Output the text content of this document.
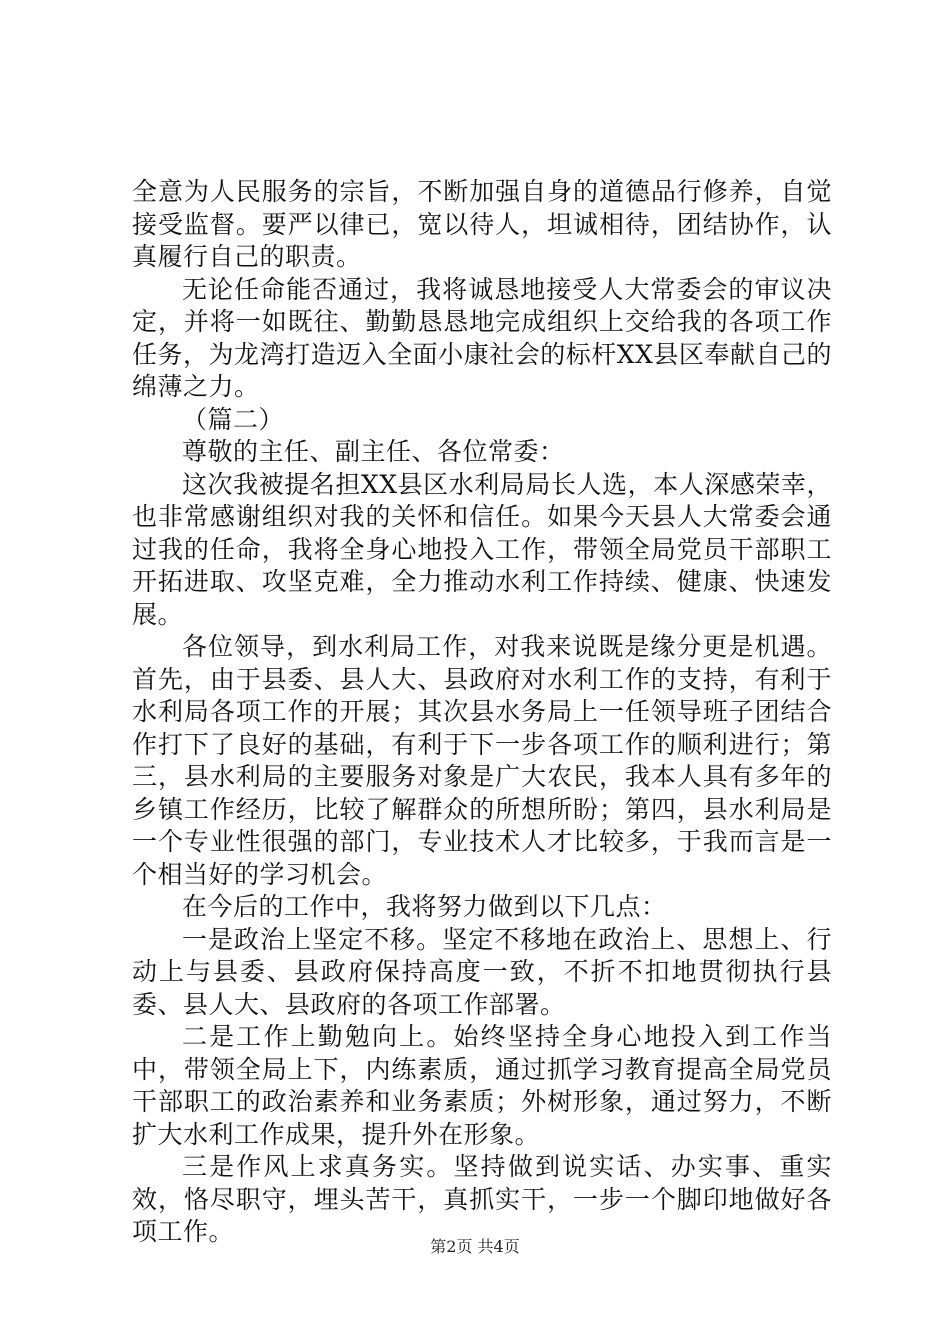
全意为人民服务的宗旨，不断加强自身的道德品行修养，自觉接受监督。要严以律已，宽以待人，坦诚相待，团结协作，认真履行自己的职责。

无论任命能否通过，我将诚恳地接受人大常委会的审议决定，并将一如既往、勤勤恳恳地完成组织上交给我的各项工作任务，为龙湾打造迈入全面小康社会的标杆XX县区奉献自己的绵薄之力。

（篇二）

尊敬的主任、副主任、各位常委：

这次我被提名担XX县区水利局局长人选，本人深感荣幸，也非常感谢组织对我的关怀和信任。如果今天县人大常委会通过我的任命，我将全身心地投入工作，带领全局党员干部职工开拓进取、攻坚克难，全力推动水利工作持续、健康、快速发展。

各位领导，到水利局工作，对我来说既是缘分更是机遇。首先，由于县委、县人大、县政府对水利工作的支持，有利于水利局各项工作的开展；其次县水务局上一任领导班子团结合作打下了良好的基础，有利于下一步各项工作的顺利进行；第三，县水利局的主要服务对象是广大农民，我本人具有多年的乡镇工作经历，比较了解群众的所想所盼；第四，县水利局是一个专业性很强的部门，专业技术人才比较多，于我而言是一个相当好的学习机会。

在今后的工作中，我将努力做到以下几点：

一是政治上坚定不移。坚定不移地在政治上、思想上、行动上与县委、县政府保持高度一致，不折不扣地贯彻执行县委、县人大、县政府的各项工作部署。

二是工作上勤勉向上。始终坚持全身心地投入到工作当中，带领全局上下，内练素质，通过抓学习教育提高全局党员干部职工的政治素养和业务素质；外树形象，通过努力，不断扩大水利工作成果，提升外在形象。

三是作风上求真务实。坚持做到说实话、办实事、重实效，恪尽职守，埋头苦干，真抓实干，一步一个脚印地做好各项工作。

第2页 共4页
